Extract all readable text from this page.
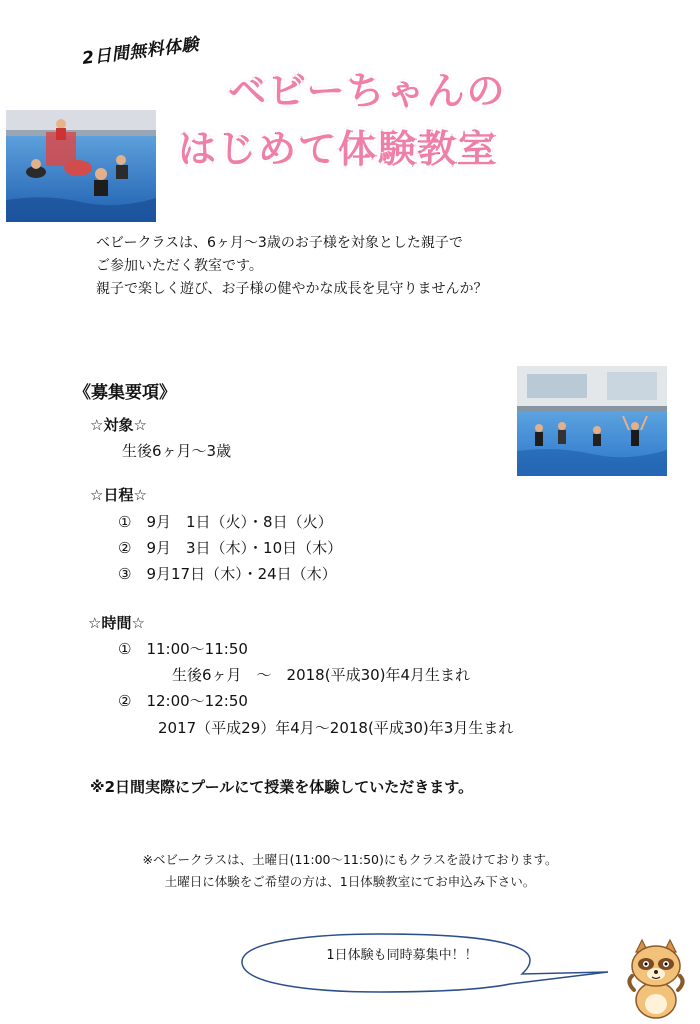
2日間無料体験
ベビーちゃんの
はじめて体験教室
ベビークラスは、6ヶ月～3歳のお子様を対象とした親子で
ご参加いただく教室です。
親子で楽しく遊び、お子様の健やかな成長を見守りませんか？
《募集要項》
☆対象☆
生後6ヶ月～3歳
☆日程☆
①　9月　1日（火）・8日（火）
②　9月　3日（木）・10日（木）
③　9月17日（木）・24日（木）
☆時間☆
①　11:00～11:50
生後6ヶ月　～　2018(平成30)年4月生まれ
②　12:00～12:50
2017（平成29）年4月～2018(平成30)年3月生まれ
※2日間実際にプールにて授業を体験していただきます。
※ベビークラスは、土曜日(11:00～11:50)にもクラスを設けております。
土曜日に体験をご希望の方は、1日体験教室にてお申込み下さい。
1日体験も同時募集中！！
